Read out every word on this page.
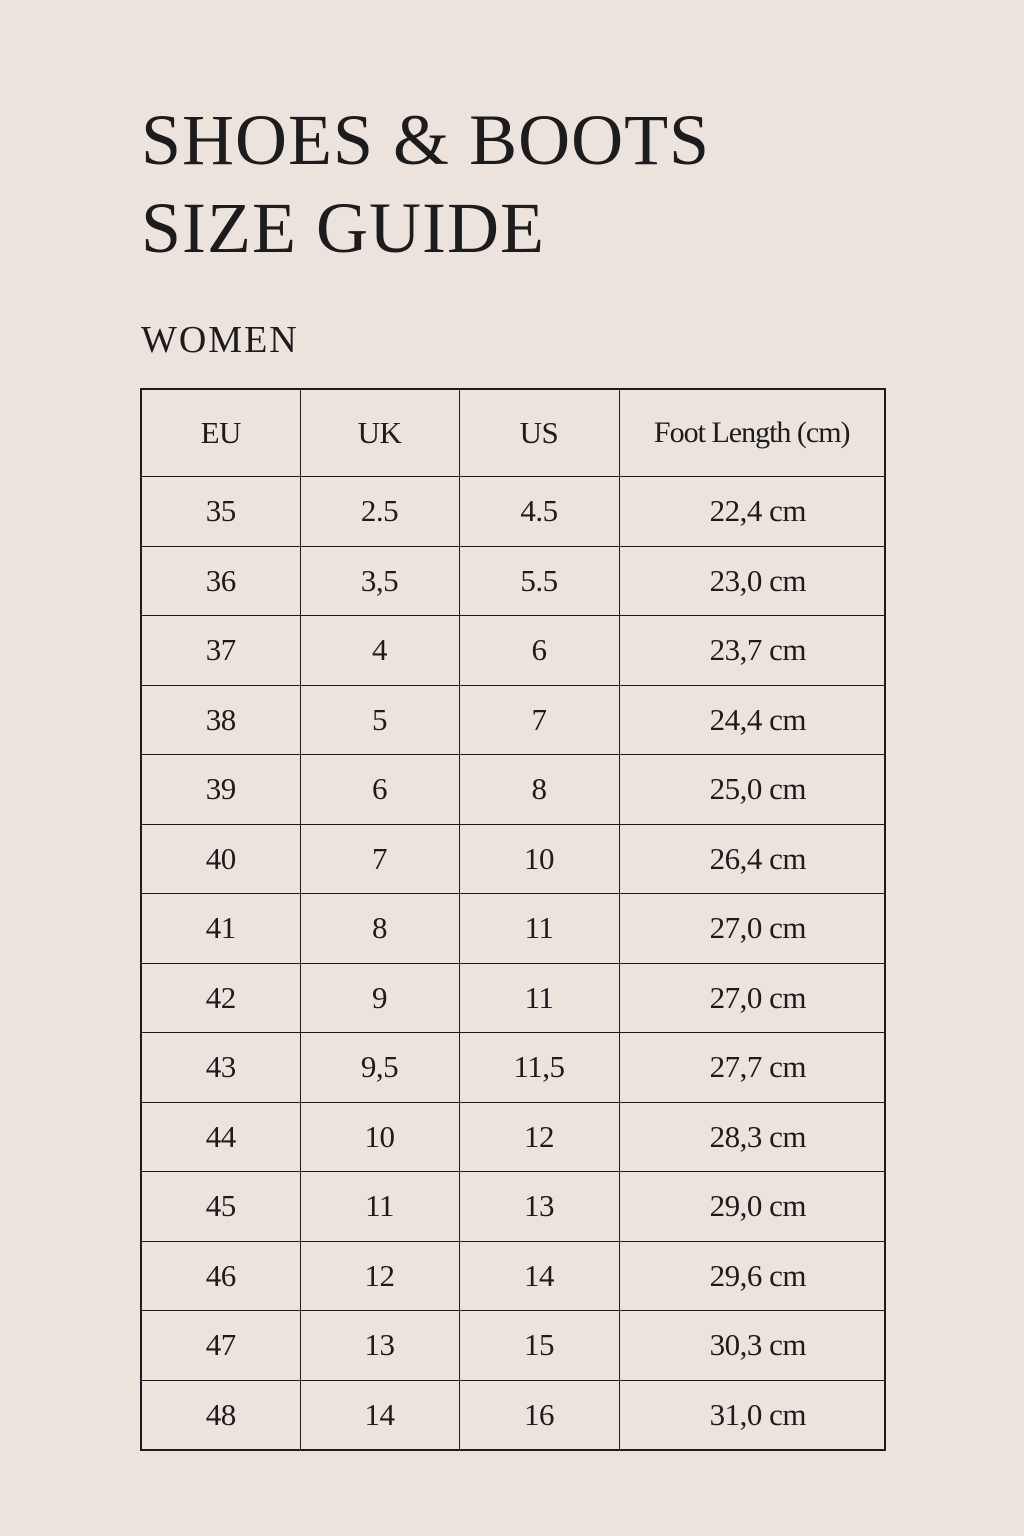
SHOES & BOOTS
SIZE GUIDE
WOMEN
EU	UK	US	Foot Length (cm)
35	2.5	4.5	22,4 cm
36	3,5	5.5	23,0 cm
37	4	6	23,7 cm
38	5	7	24,4 cm
39	6	8	25,0 cm
40	7	10	26,4 cm
41	8	11	27,0 cm
42	9	11	27,0 cm
43	9,5	11,5	27,7 cm
44	10	12	28,3 cm
45	11	13	29,0 cm
46	12	14	29,6 cm
47	13	15	30,3 cm
48	14	16	31,0 cm
